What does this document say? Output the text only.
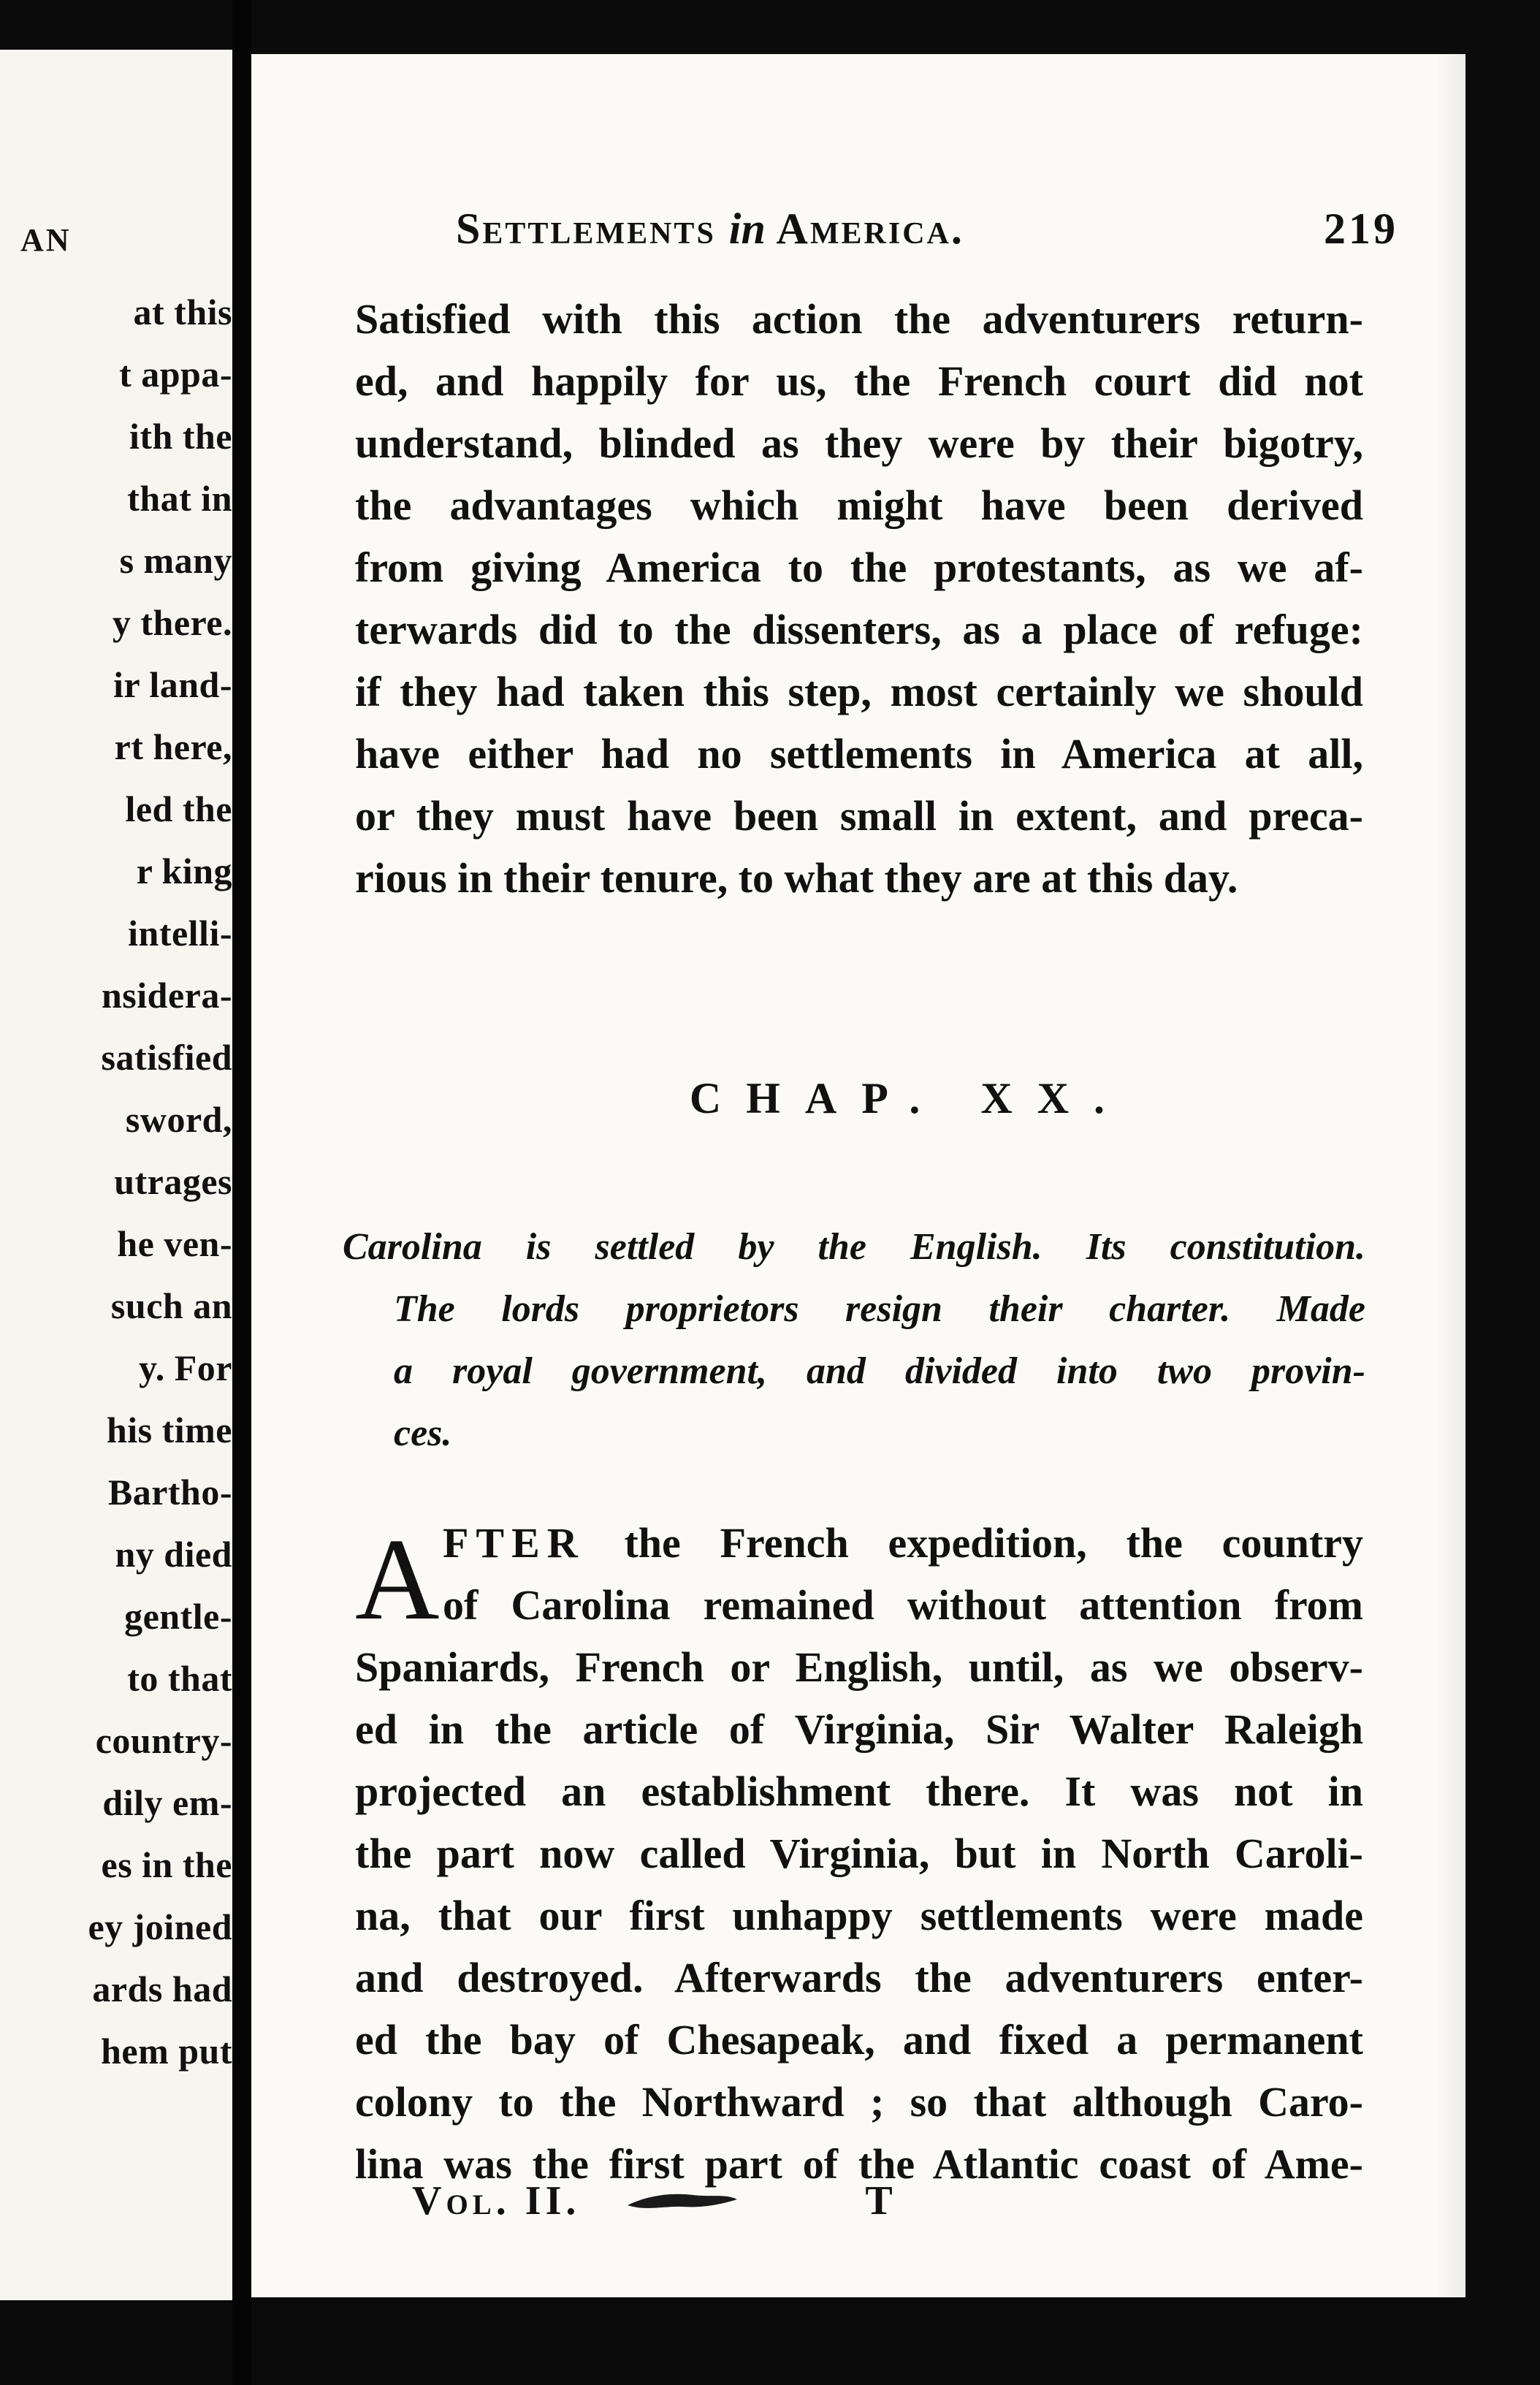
AN
at this
t appa-
ith the
that in
s many
y there.
ir land-
rt here,
led the
r king
intelli-
nsidera-
satisfied
sword,
utrages
he ven-
such an
y. For
his time
Bartho-
ny died
gentle-
to that
country-
dily em-
es in the
ey joined
ards had
hem put
Settlements in America.	219
Satisfied with this action the adventurers return-
ed, and happily for us, the French court did not
understand, blinded as they were by their bigotry,
the advantages which might have been derived
from giving America to the protestants, as we af-
terwards did to the dissenters, as a place of refuge:
if they had taken this step, most certainly we should
have either had no settlements in America at all,
or they must have been small in extent, and preca-
rious in their tenure, to what they are at this day.
CHAP. XX.
Carolina is settled by the English. Its constitution.
The lords proprietors resign their charter. Made
a royal government, and divided into two provin-
ces.
A FTER the French expedition, the country
of Carolina remained without attention from
Spaniards, French or English, until, as we observ-
ed in the article of Virginia, Sir Walter Raleigh
projected an establishment there. It was not in
the part now called Virginia, but in North Caroli-
na, that our first unhappy settlements were made
and destroyed. Afterwards the adventurers enter-
ed the bay of Chesapeak, and fixed a permanent
colony to the Northward ; so that although Caro-
lina was the first part of the Atlantic coast of Ame-
Vol. II.	T
